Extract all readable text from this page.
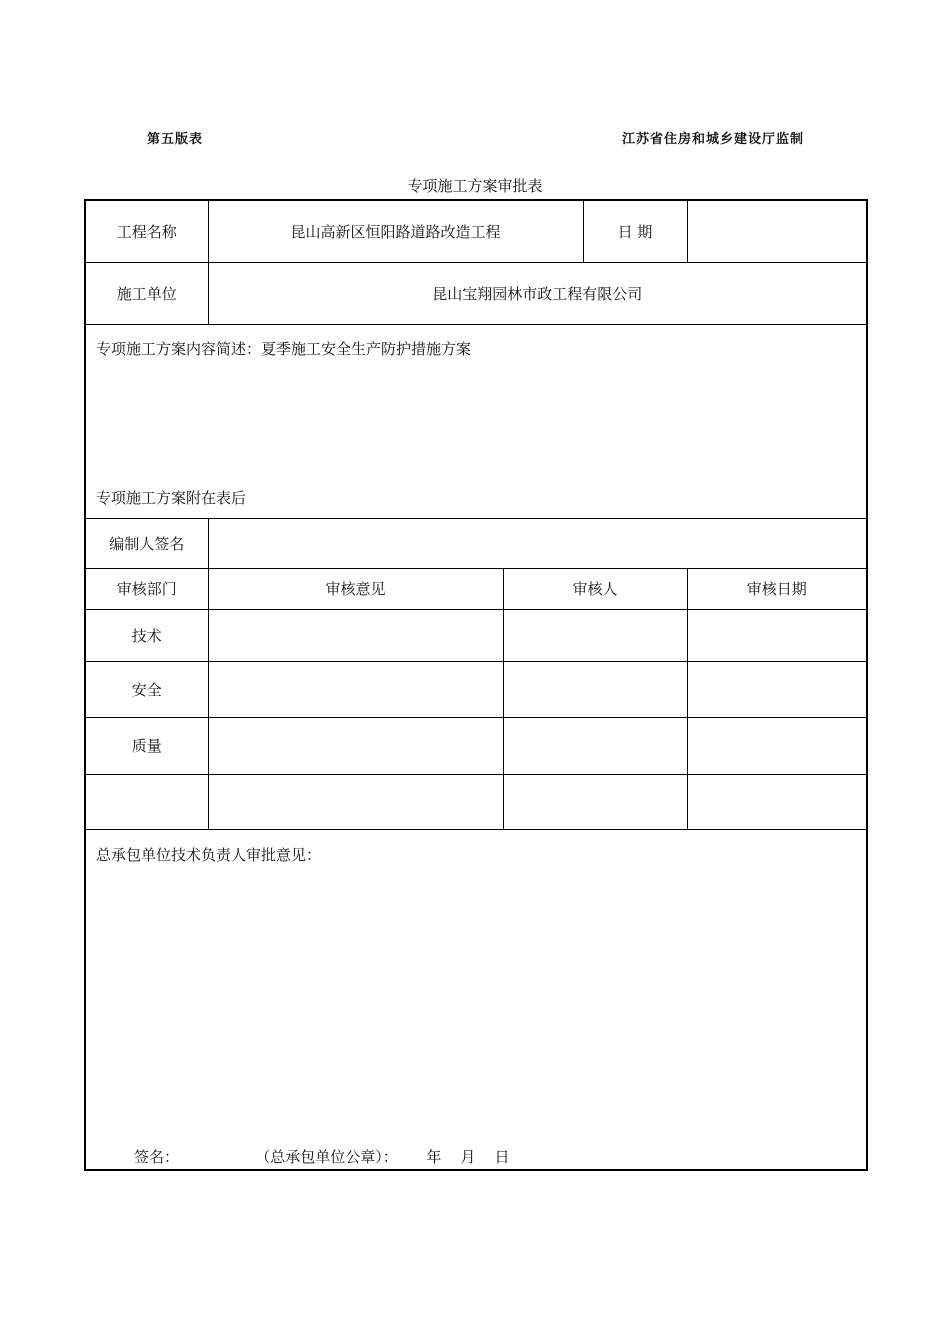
第五版表	江苏省住房和城乡建设厅监制
专项施工方案审批表
工程名称	昆山高新区恒阳路道路改造工程		日 期	
施工单位	昆山宝翔园林市政工程有限公司			

专项施工方案内容简述：夏季施工安全生产防护措施方案
专项施工方案附在表后				

编制人签名				
审核部门	审核意见	审核人		审核日期
技术				
安全				
质量				

总承包单位技术负责人审批意见：
签名：                （总承包单位公章）：      年    月    日				
